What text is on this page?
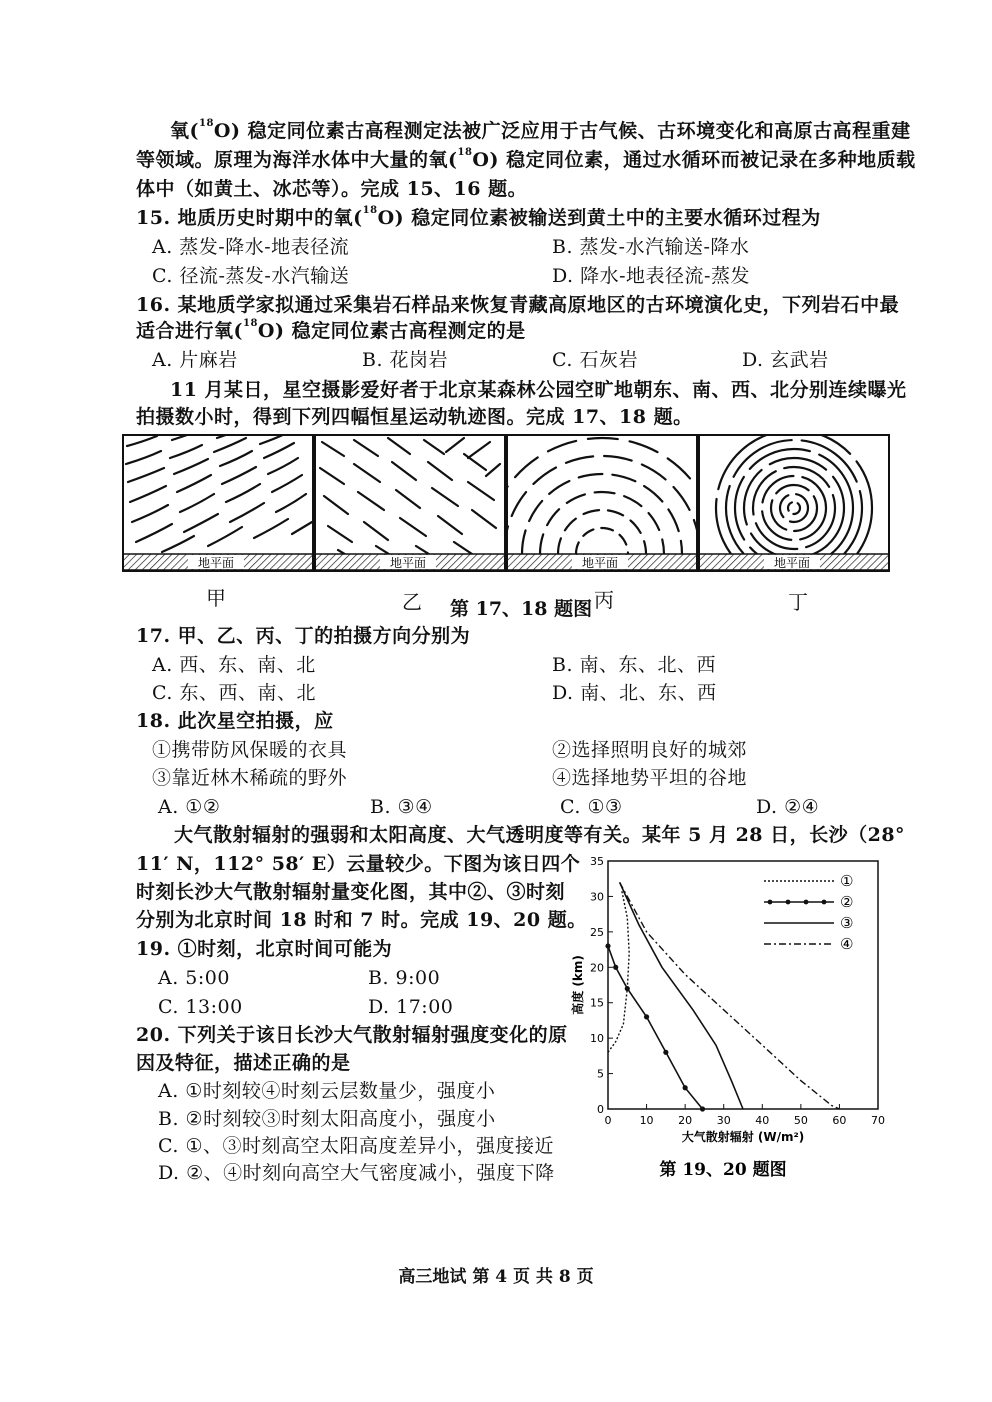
氧($^{18}$O) 稳定同位素古高程测定法被广泛应用于古气候、古环境变化和高原古高程重建
等领域。原理为海洋水体中大量的氧($^{18}$O) 稳定同位素，通过水循环而被记录在多种地质载
体中（如黄土、冰芯等）。完成 15、16 题。
15. 地质历史时期中的氧($^{18}$O) 稳定同位素被输送到黄土中的主要水循环过程为
A. 蒸发-降水-地表径流	B. 蒸发-水汽输送-降水
C. 径流-蒸发-水汽输送	D. 降水-地表径流-蒸发
16. 某地质学家拟通过采集岩石样品来恢复青藏高原地区的古环境演化史，下列岩石中最
适合进行氧($^{18}$O) 稳定同位素古高程测定的是
A. 片麻岩	B. 花岗岩	C. 石灰岩	D. 玄武岩
11 月某日，星空摄影爱好者于北京某森林公园空旷地朝东、南、西、北分别连续曝光
拍摄数小时，得到下列四幅恒星运动轨迹图。完成 17、18 题。
地平面	地平面	地平面	地平面
甲	乙 第 17、18 题图 丙	丁
17. 甲、乙、丙、丁的拍摄方向分别为
A. 西、东、南、北	B. 南、东、北、西
C. 东、西、南、北	D. 南、北、东、西
18. 此次星空拍摄，应
①携带防风保暖的衣具	②选择照明良好的城郊
③靠近林木稀疏的野外	④选择地势平坦的谷地
A. ①②	B. ③④	C. ①③	D. ②④
大气散射辐射的强弱和太阳高度、大气透明度等有关。某年 5 月 28 日，长沙（28°
11′ N，112° 58′ E）云量较少。下图为该日四个
时刻长沙大气散射辐射量变化图，其中②、③时刻
分别为北京时间 18 时和 7 时。完成 19、20 题。
19. ①时刻，北京时间可能为
A. 5:00	B. 9:00
C. 13:00	D. 17:00
20. 下列关于该日长沙大气散射辐射强度变化的原
因及特征，描述正确的是
A. ①时刻较④时刻云层数量少，强度小
B. ②时刻较③时刻太阳高度小，强度小
C. ①、③时刻高空太阳高度差异小，强度接近
D. ②、④时刻向高空大气密度减小，强度下降
0	10 20 30 40 50 60 70
0
5
10
15
20
25
30
35
大气散射辐射 (W/m²)
高度 (km)
①
②
③
④
第 19、20 题图
高三地试 第 4 页 共 8 页
